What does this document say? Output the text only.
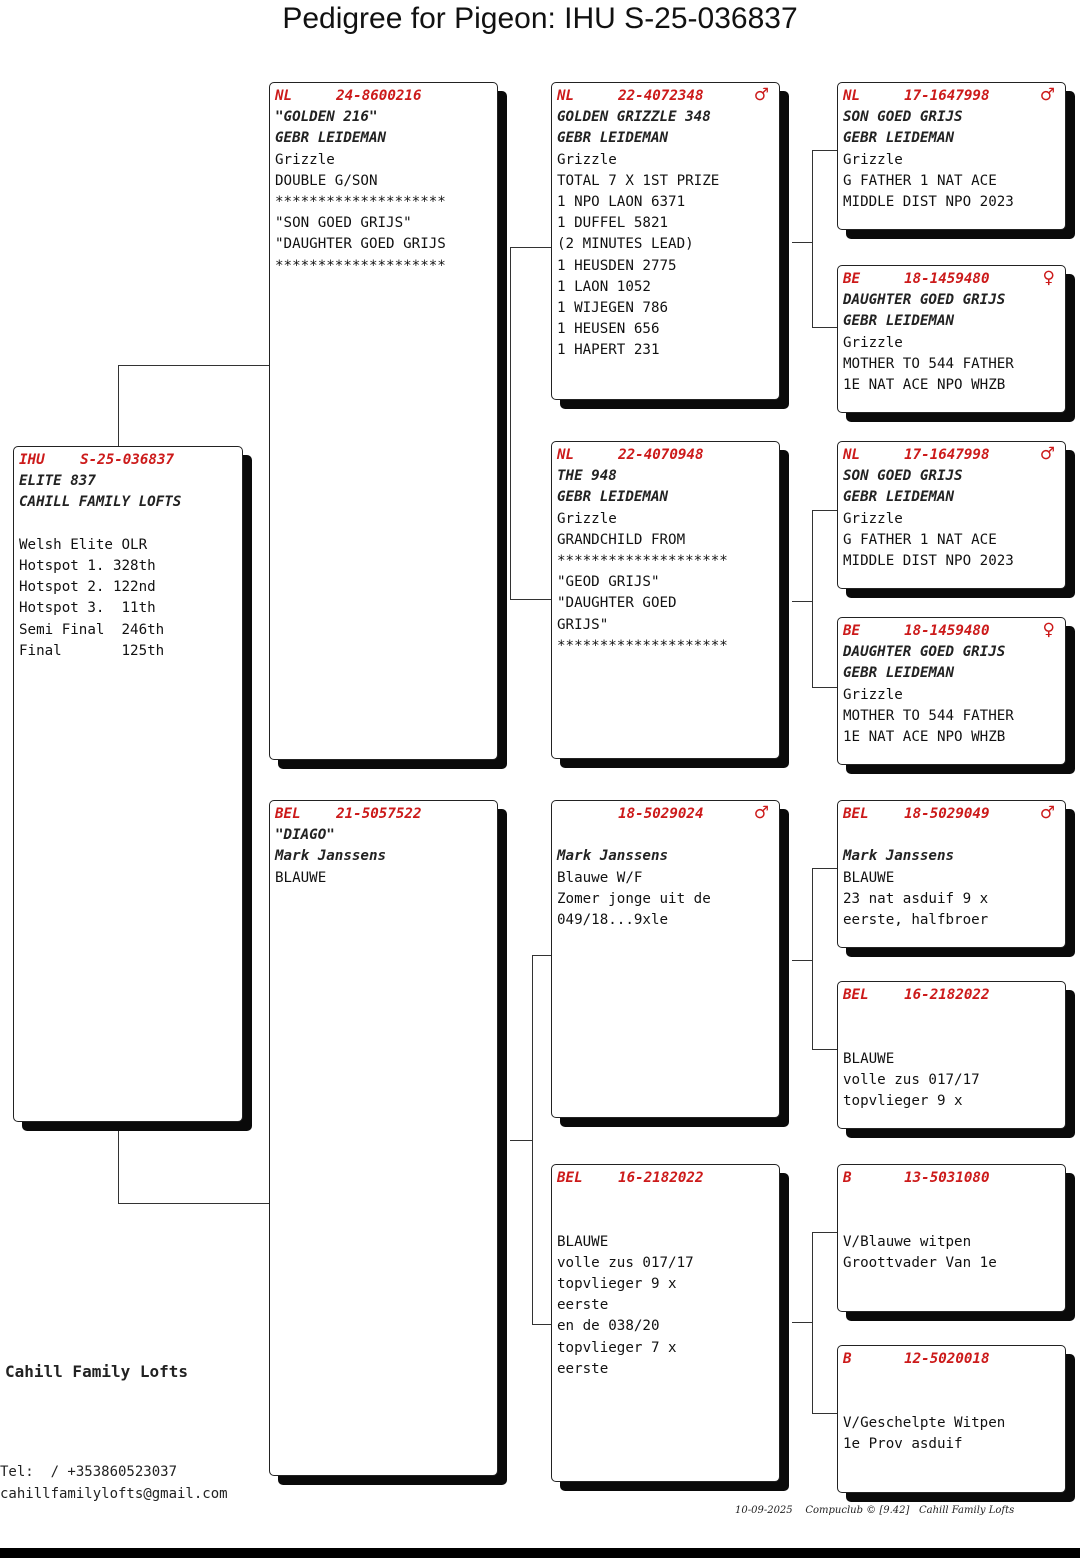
Pedigree for Pigeon: IHU S-25-036837
IHU S-25-036837
ELITE 837
CAHILL FAMILY LOFTS
Welsh Elite OLR
Hotspot 1. 328th
Hotspot 2. 122nd
Hotspot 3.  11th
Semi Final  246th
Final       125th
NL	24-8600216
"GOLDEN 216"
GEBR LEIDEMAN
Grizzle
DOUBLE G/SON
********************
"SON GOED GRIJS"
"DAUGHTER GOED GRIJS
********************
BEL 21-5057522
"DIAGO"
Mark Janssens
BLAUWE
NL	22-4072348	♂
GOLDEN GRIZZLE 348
GEBR LEIDEMAN
Grizzle
TOTAL 7 X 1ST PRIZE
1 NPO LAON 6371
1 DUFFEL 5821
(2 MINUTES LEAD)
1 HEUSDEN 2775
1 LAON 1052
1 WIJEGEN 786
1 HEUSEN 656
1 HAPERT 231
NL	22-4070948
THE 948
GEBR LEIDEMAN
Grizzle
GRANDCHILD FROM
********************
"GEOD GRIJS"
"DAUGHTER GOED
GRIJS"
********************
18-5029024	♂
Mark Janssens
Blauwe W/F
Zomer jonge uit de
049/18...9xle
BEL 16-2182022
BLAUWE
volle zus 017/17
topvlieger 9 x
eerste
en de 038/20
topvlieger 7 x
eerste
NL	17-1647998	♂
SON GOED GRIJS
GEBR LEIDEMAN
Grizzle
G FATHER 1 NAT ACE
MIDDLE DIST NPO 2023
BE	18-1459480	♀
DAUGHTER GOED GRIJS
GEBR LEIDEMAN
Grizzle
MOTHER TO 544 FATHER
1E NAT ACE NPO WHZB
NL	17-1647998	♂
SON GOED GRIJS
GEBR LEIDEMAN
Grizzle
G FATHER 1 NAT ACE
MIDDLE DIST NPO 2023
BE	18-1459480	♀
DAUGHTER GOED GRIJS
GEBR LEIDEMAN
Grizzle
MOTHER TO 544 FATHER
1E NAT ACE NPO WHZB
BEL 18-5029049	♂
Mark Janssens
BLAUWE
23 nat asduif 9 x
eerste, halfbroer
BEL 16-2182022
BLAUWE
volle zus 017/17
topvlieger 9 x
B	13-5031080
V/Blauwe witpen
Groottvader Van 1e
B	12-5020018
V/Geschelpte Witpen
1e Prov asduif
Cahill Family Lofts
Tel:  / +353860523037
cahillfamilylofts@gmail.com
10-09-2025    Compuclub © [9.42]   Cahill Family Lofts
